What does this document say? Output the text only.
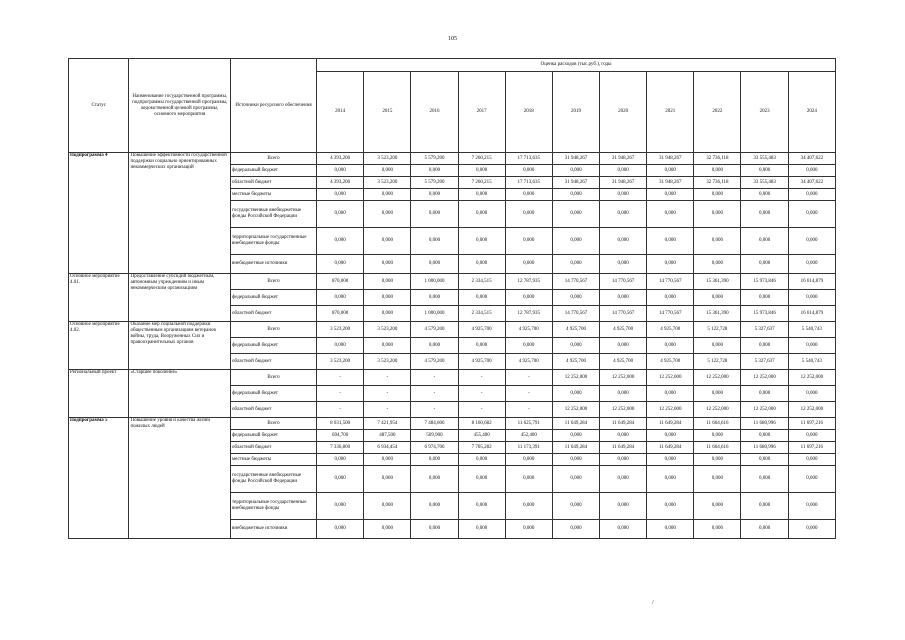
105
Статус	Наименование государственной программы, подпрограммы государственной программы, ведомственной целевой программы, основного мероприятия	Источники ресурсного обеспечения	Оценка расходов (тыс.руб.), годы										
			2014	2015	2016	2017	2018	2019	2020	2021	2022	2023	2024
Подпрограмма 4	Повышение эффективности государственной поддержки социально ориентированных некоммерческих организаций	Всего	4 393,200	3 523,200	5 579,200	7 260,215	17 713,635	31 948,267	31 948,267	31 948,267	32 736,118	33 555,483	34 407,622
		федеральный бюджет	0,000	0,000	0,000	0,000	0,000	0,000	0,000	0,000	0,000	0,000	0,000
		областной бюджет	4 393,200	3 523,200	5 579,200	7 260,215	17 713,635	31 948,267	31 948,267	31 948,267	32 736,118	33 555,483	34 407,622
		местные бюджеты	0,000	0,000	0,000	0,000	0,000	0,000	0,000	0,000	0,000	0,000	0,000
		государственные внебюджетные фонды Российской Федерации	0,000	0,000	0,000	0,000	0,000	0,000	0,000	0,000	0,000	0,000	0,000
		территориальные государственные внебюджетные фонды	0,000	0,000	0,000	0,000	0,000	0,000	0,000	0,000	0,000	0,000	0,000
		внебюджетные источники	0,000	0,000	0,000	0,000	0,000	0,000	0,000	0,000	0,000	0,000	0,000
Основное мероприятие 4.01.	Предоставление субсидий бюджетным, автономным учреждениям и иным некоммерческим организациям	Всего	870,000	0,000	1 000,000	2 334,515	12 787,935	14 770,567	14 770,567	14 770,567	15 361,390	15 973,846	16 614,879
		федеральный бюджет	0,000	0,000	0,000	0,000	0,000	0,000	0,000	0,000	0,000	0,000	0,000
		областной бюджет	870,000	0,000	1 000,000	2 334,515	12 787,935	14 770,567	14 770,567	14 770,567	15 361,390	15 973,846	16 614,879
Основное мероприятие 4.02.	Оказание мер социальной поддержки общественным организациям ветеранов войны, труда, Вооруженных Сил и правоохранительных органов	Всего	3 523,200	3 523,200	4 579,200	4 925,700	4 925,700	4 925,700	4 925,700	4 925,700	5 122,728	5 327,637	5 540,743
		федеральный бюджет	0,000	0,000	0,000	0,000	0,000	0,000	0,000	0,000	0,000	0,000	0,000
		областной бюджет	3 523,200	3 523,200	4 579,200	4 925,700	4 925,700	4 925,700	4 925,700	4 925,700	5 122,728	5 327,637	5 540,743
Региональный проект	«Старшее поколение»	Всего	-	-	-	-	-	12 252,000	12 252,000	12 252,000	12 252,000	12 252,000	12 252,000
		федеральный бюджет	-	-	-	-	-	0,000	0,000	0,000	0,000	0,000	0,000
		областной бюджет	-	-	-	-	-	12 252,000	12 252,000	12 252,000	12 252,000	12 252,000	12 252,000
Подпрограмма 5	Повышение уровня и качества жизни пожилых людей	Всего	8 031,500	7 421,954	7 484,606	8 160,682	11 625,791	11 649,284	11 649,284	11 649,284	11 664,616	11 680,996	11 697,216
		федеральный бюджет	694,700	487,500	509,900	455,400	452,400	0,000	0,000	0,000	0,000	0,000	0,000
		областной бюджет	7 336,800	6 934,454	6 974,706	7 705,282	11 173,391	11 649,284	11 649,284	11 649,284	11 664,616	11 680,996	11 697,216
		местные бюджеты	0,000	0,000	0,000	0,000	0,000	0,000	0,000	0,000	0,000	0,000	0,000
		государственные внебюджетные фонды Российской Федерации	0,000	0,000	0,000	0,000	0,000	0,000	0,000	0,000	0,000	0,000	0,000
		территориальные государственные внебюджетные фонды	0,000	0,000	0,000	0,000	0,000	0,000	0,000	0,000	0,000	0,000	0,000
		внебюджетные источники	0,000	0,000	0,000	0,000	0,000	0,000	0,000	0,000	0,000	0,000	0,000
/
